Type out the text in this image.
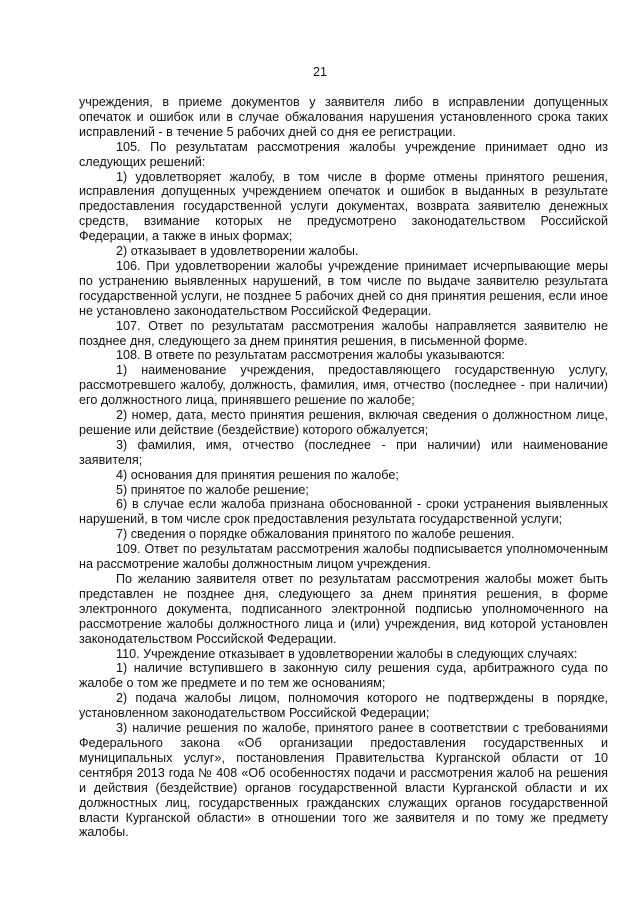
21

учреждения, в приеме документов у заявителя либо в исправлении допущенных опечаток и ошибок или в случае обжалования нарушения установленного срока таких исправлений - в течение 5 рабочих дней со дня ее регистрации.

105. По результатам рассмотрения жалобы учреждение принимает одно из следующих решений:

1) удовлетворяет жалобу, в том числе в форме отмены принятого решения, исправления допущенных учреждением опечаток и ошибок в выданных в результате предоставления государственной услуги документах, возврата заявителю денежных средств, взимание которых не предусмотрено законодательством Российской Федерации, а также в иных формах;

2) отказывает в удовлетворении жалобы.

106. При удовлетворении жалобы учреждение принимает исчерпывающие меры по устранению выявленных нарушений, в том числе по выдаче заявителю результата государственной услуги, не позднее 5 рабочих дней со дня принятия решения, если иное не установлено законодательством Российской Федерации.

107. Ответ по результатам рассмотрения жалобы направляется заявителю не позднее дня, следующего за днем принятия решения, в письменной форме.

108. В ответе по результатам рассмотрения жалобы указываются:

1) наименование учреждения, предоставляющего государственную услугу, рассмотревшего жалобу, должность, фамилия, имя, отчество (последнее - при наличии) его должностного лица, принявшего решение по жалобе;

2) номер, дата, место принятия решения, включая сведения о должностном лице, решение или действие (бездействие) которого обжалуется;

3) фамилия, имя, отчество (последнее - при наличии) или наименование заявителя;

4) основания для принятия решения по жалобе;

5) принятое по жалобе решение;

6) в случае если жалоба признана обоснованной - сроки устранения выявленных нарушений, в том числе срок предоставления результата государственной услуги;

7) сведения о порядке обжалования принятого по жалобе решения.

109. Ответ по результатам рассмотрения жалобы подписывается уполномоченным на рассмотрение жалобы должностным лицом учреждения.

По желанию заявителя ответ по результатам рассмотрения жалобы может быть представлен не позднее дня, следующего за днем принятия решения, в форме электронного документа, подписанного электронной подписью уполномоченного на рассмотрение жалобы должностного лица и (или) учреждения, вид которой установлен законодательством Российской Федерации.

110. Учреждение отказывает в удовлетворении жалобы в следующих случаях:

1) наличие вступившего в законную силу решения суда, арбитражного суда по жалобе о том же предмете и по тем же основаниям;

2) подача жалобы лицом, полномочия которого не подтверждены в порядке, установленном законодательством Российской Федерации;

3) наличие решения по жалобе, принятого ранее в соответствии с требованиями Федерального закона «Об организации предоставления государственных и муниципальных услуг», постановления Правительства Курганской области от 10 сентября 2013 года № 408 «Об особенностях подачи и рассмотрения жалоб на решения и действия (бездействие) органов государственной власти Курганской области и их должностных лиц, государственных гражданских служащих органов государственной власти Курганской области» в отношении того же заявителя и по тому же предмету жалобы.
